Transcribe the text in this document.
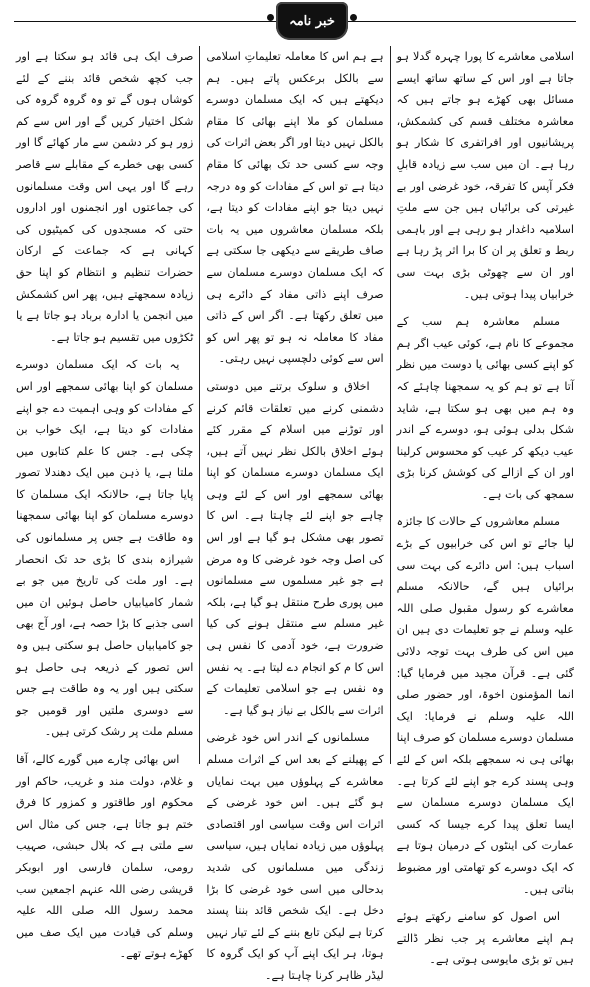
خبر نامہ

اسلامی معاشرے کا پورا چہرہ گدلا ہو جاتا ہے اور اس کے ساتھ ساتھ ایسے مسائل بھی کھڑے ہو جاتے ہیں کہ معاشرہ مختلف قسم کی کشمکش، پریشانیوں اور افراتفری کا شکار ہو رہا ہے۔ ان میں سب سے زیادہ قابلِ فکر آپس کا تفرقہ، خود غرضی اور بے غیرتی کی برائیاں ہیں جن سے ملتِ اسلامیہ داغدار ہو رہی ہے اور باہمی ربط و تعلق پر ان کا برا اثر پڑ رہا ہے اور ان سے چھوٹی بڑی بہت سی خرابیاں پیدا ہوتی ہیں۔

مسلم معاشرہ ہم سب کے مجموعے کا نام ہے، کوئی عیب اگر ہم کو اپنے کسی بھائی یا دوست میں نظر آتا ہے تو ہم کو یہ سمجھنا چاہئے کہ وہ ہم میں بھی ہو سکتا ہے، شاید شکل بدلی ہوئی ہو، دوسرے کے اندر عیب دیکھ کر عیب کو محسوس کرلینا اور ان کے ازالے کی کوشش کرنا بڑی سمجھ کی بات ہے۔

مسلم معاشروں کے حالات کا جائزہ لیا جائے تو اس کی خرابیوں کے بڑے اسباب ہیں: اس دائرے کی بہت سی برائیاں ہیں گے، حالانکہ مسلم معاشرے کو رسول مقبول صلی اللہ علیہ وسلم نے جو تعلیمات دی ہیں ان میں اس کی طرف بہت توجہ دلائی گئی ہے۔ قرآن مجید میں فرمایا گیا: انما المؤمنون اخوۃ، اور حضور صلی اللہ علیہ وسلم نے فرمایا: ایک مسلمان دوسرے مسلمان کو صرف اپنا بھائی ہی نہ سمجھے بلکہ اس کے لئے وہی پسند کرے جو اپنے لئے کرتا ہے۔ ایک مسلمان دوسرے مسلمان سے ایسا تعلق پیدا کرے جیسا کہ کسی عمارت کی اینٹوں کے درمیان ہوتا ہے کہ ایک دوسرے کو تھامتی اور مضبوط بناتی ہیں۔

اس اصول کو سامنے رکھتے ہوئے ہم اپنے معاشرے پر جب نظر ڈالتے ہیں تو بڑی مایوسی ہوتی ہے۔

ہے ہم اس کا معاملہ تعلیماتِ اسلامی سے بالکل برعکس پاتے ہیں۔ ہم دیکھتے ہیں کہ ایک مسلمان دوسرے مسلمان کو ملا اپنے بھائی کا مقام بالکل نہیں دیتا اور اگر بعض اثرات کی وجہ سے کسی حد تک بھائی کا مقام دیتا ہے تو اس کے مفادات کو وہ درجہ نہیں دیتا جو اپنے مفادات کو دیتا ہے، بلکہ مسلمان معاشروں میں یہ بات صاف طریقے سے دیکھی جا سکتی ہے کہ ایک مسلمان دوسرے مسلمان سے صرف اپنے ذاتی مفاد کے دائرے ہی میں تعلق رکھتا ہے۔ اگر اس کے ذاتی مفاد کا معاملہ نہ ہو تو پھر اس کو اس سے کوئی دلچسپی نہیں رہتی۔

اخلاق و سلوک برتنے میں دوستی دشمنی کرنے میں تعلقات قائم کرنے اور توڑنے میں اسلام کے مقرر کئے ہوئے اخلاق بالکل نظر نہیں آتے ہیں، ایک مسلمان دوسرے مسلمان کو اپنا بھائی سمجھے اور اس کے لئے وہی چاہے جو اپنے لئے چاہتا ہے۔ اس کا تصور بھی مشکل ہو گیا ہے اور اس کی اصل وجہ خود غرضی کا وہ مرض ہے جو غیر مسلموں سے مسلمانوں میں پوری طرح منتقل ہو گیا ہے، بلکہ غیر مسلم سے منتقل ہونے کی کیا ضرورت ہے، خود آدمی کا نفس ہی اس کا م کو انجام دے لیتا ہے۔ یہ نفس وہ نفس ہے جو اسلامی تعلیمات کے اثرات سے بالکل بے نیاز ہو گیا ہے۔

مسلمانوں کے اندر اس خود غرضی کے پھیلنے کے بعد اس کے اثرات مسلم معاشرے کے پہلوؤں میں بہت نمایاں ہو گئے ہیں۔ اس خود غرضی کے اثرات اس وقت سیاسی اور اقتصادی پہلوؤں میں زیادہ نمایاں ہیں، سیاسی زندگی میں مسلمانوں کی شدید بدحالی میں اسی خود غرضی کا بڑا دخل ہے۔ ایک شخص قائد بننا پسند کرتا ہے لیکن تابع بننے کے لئے تیار نہیں ہوتا، ہر ایک اپنے آپ کو ایک گروہ کا لیڈر ظاہر کرنا چاہتا ہے۔

صرف ایک ہی قائد ہو سکتا ہے اور جب کچھ شخص قائد بننے کے لئے کوشاں ہوں گے تو وہ گروہ گروہ کی شکل اختیار کریں گے اور اس سے کم زور ہو کر دشمن سے مار کھائے گا اور کسی بھی خطرے کے مقابلے سے قاصر رہے گا اور یہی اس وقت مسلمانوں کی جماعتوں اور انجمنوں اور اداروں حتی کہ مسجدوں کی کمیٹیوں کی کہانی ہے کہ جماعت کے ارکان حضرات تنظیم و انتظام کو اپنا حق زیادہ سمجھتے ہیں، پھر اس کشمکش میں انجمن یا ادارہ برباد ہو جاتا ہے یا ٹکڑوں میں تقسیم ہو جاتا ہے۔

یہ بات کہ ایک مسلمان دوسرے مسلمان کو اپنا بھائی سمجھے اور اس کے مفادات کو وہی اہمیت دے جو اپنے مفادات کو دیتا ہے، ایک خواب بن چکی ہے۔ جس کا علم کتابوں میں ملتا ہے، یا ذہن میں ایک دھندلا تصور پایا جاتا ہے، حالانکہ ایک مسلمان کا دوسرے مسلمان کو اپنا بھائی سمجھنا وہ طاقت ہے جس پر مسلمانوں کی شیرازہ بندی کا بڑی حد تک انحصار ہے۔ اور ملت کی تاریخ میں جو بے شمار کامیابیاں حاصل ہوئیں ان میں اسی جذبے کا بڑا حصہ ہے، اور آج بھی جو کامیابیاں حاصل ہو سکتی ہیں وہ اس تصور کے ذریعہ ہی حاصل ہو سکتی ہیں اور یہ وہ طاقت ہے جس سے دوسری ملتیں اور قومیں جو مسلم ملت پر رشک کرتی ہیں۔

اس بھائی چارے میں گورے کالے، آقا و غلام، دولت مند و غریب، حاکم اور محکوم اور طاقتور و کمزور کا فرق ختم ہو جاتا ہے، جس کی مثال اس سے ملتی ہے کہ بلال حبشی، صہیب رومی، سلمان فارسی اور ابوبکر قریشی رضی اللہ عنہم اجمعین سب محمد رسول اللہ صلی اللہ علیہ وسلم کی قیادت میں ایک صف میں کھڑے ہوتے تھے۔
